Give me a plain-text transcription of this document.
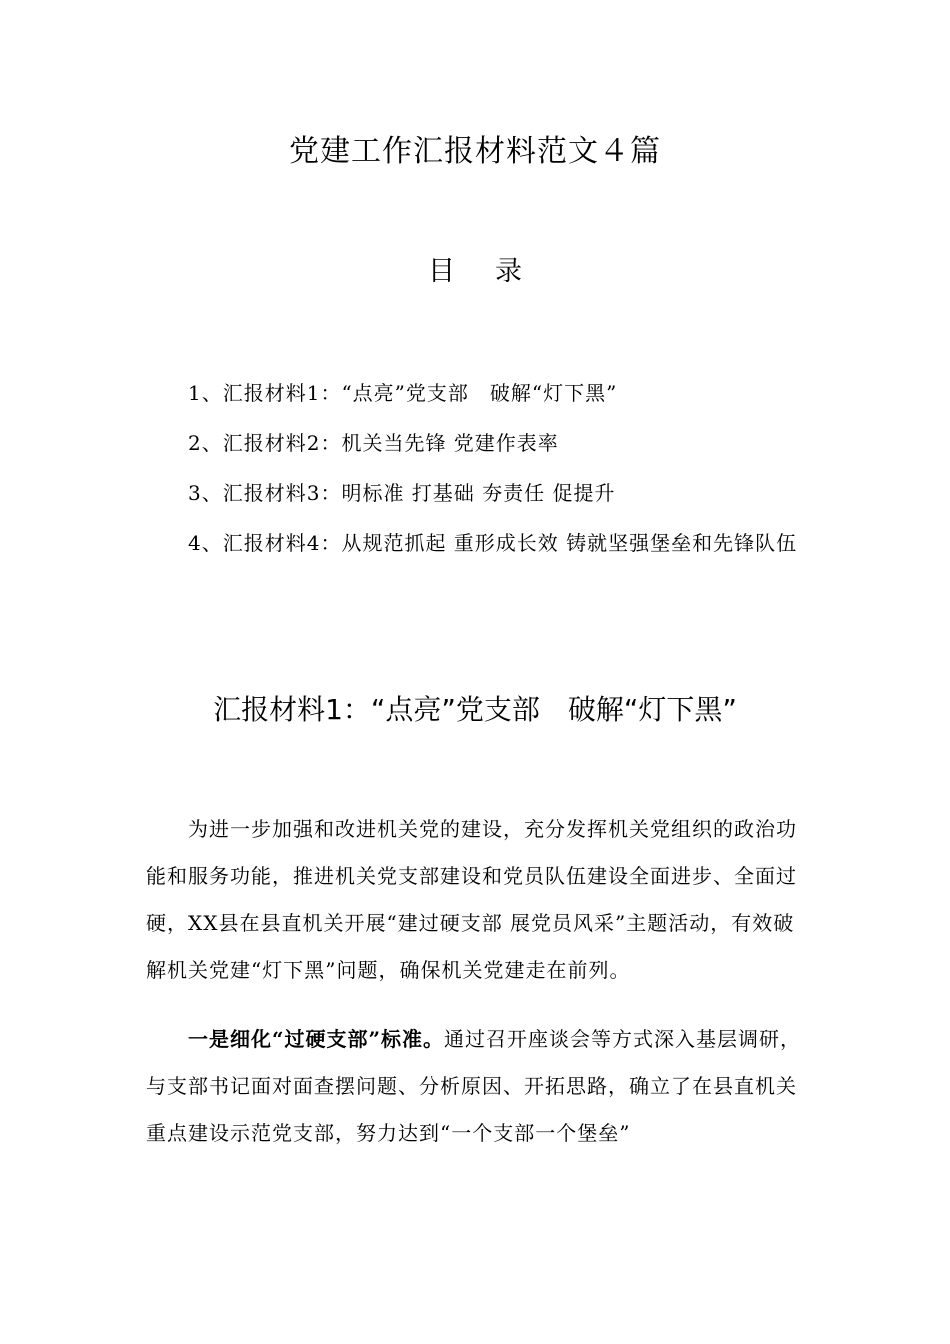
党建工作汇报材料范文４篇
目 录

1、汇报材料1：“点亮”党支部　破解“灯下黑”

2、汇报材料2：机关当先锋 党建作表率

3、汇报材料3：明标准 打基础 夯责任 促提升

4、汇报材料4：从规范抓起 重形成长效 铸就坚强堡垒和先锋队伍

汇报材料1：“点亮”党支部　破解“灯下黑”

为进一步加强和改进机关党的建设，充分发挥机关党组织的政治功能和服务功能，推进机关党支部建设和党员队伍建设全面进步、全面过硬，XX县在县直机关开展“建过硬支部 展党员风采”主题活动，有效破解机关党建“灯下黑”问题，确保机关党建走在前列。

一是细化“过硬支部”标准。通过召开座谈会等方式深入基层调研，与支部书记面对面查摆问题、分析原因、开拓思路，确立了在县直机关重点建设示范党支部，努力达到“一个支部一个堡垒”
